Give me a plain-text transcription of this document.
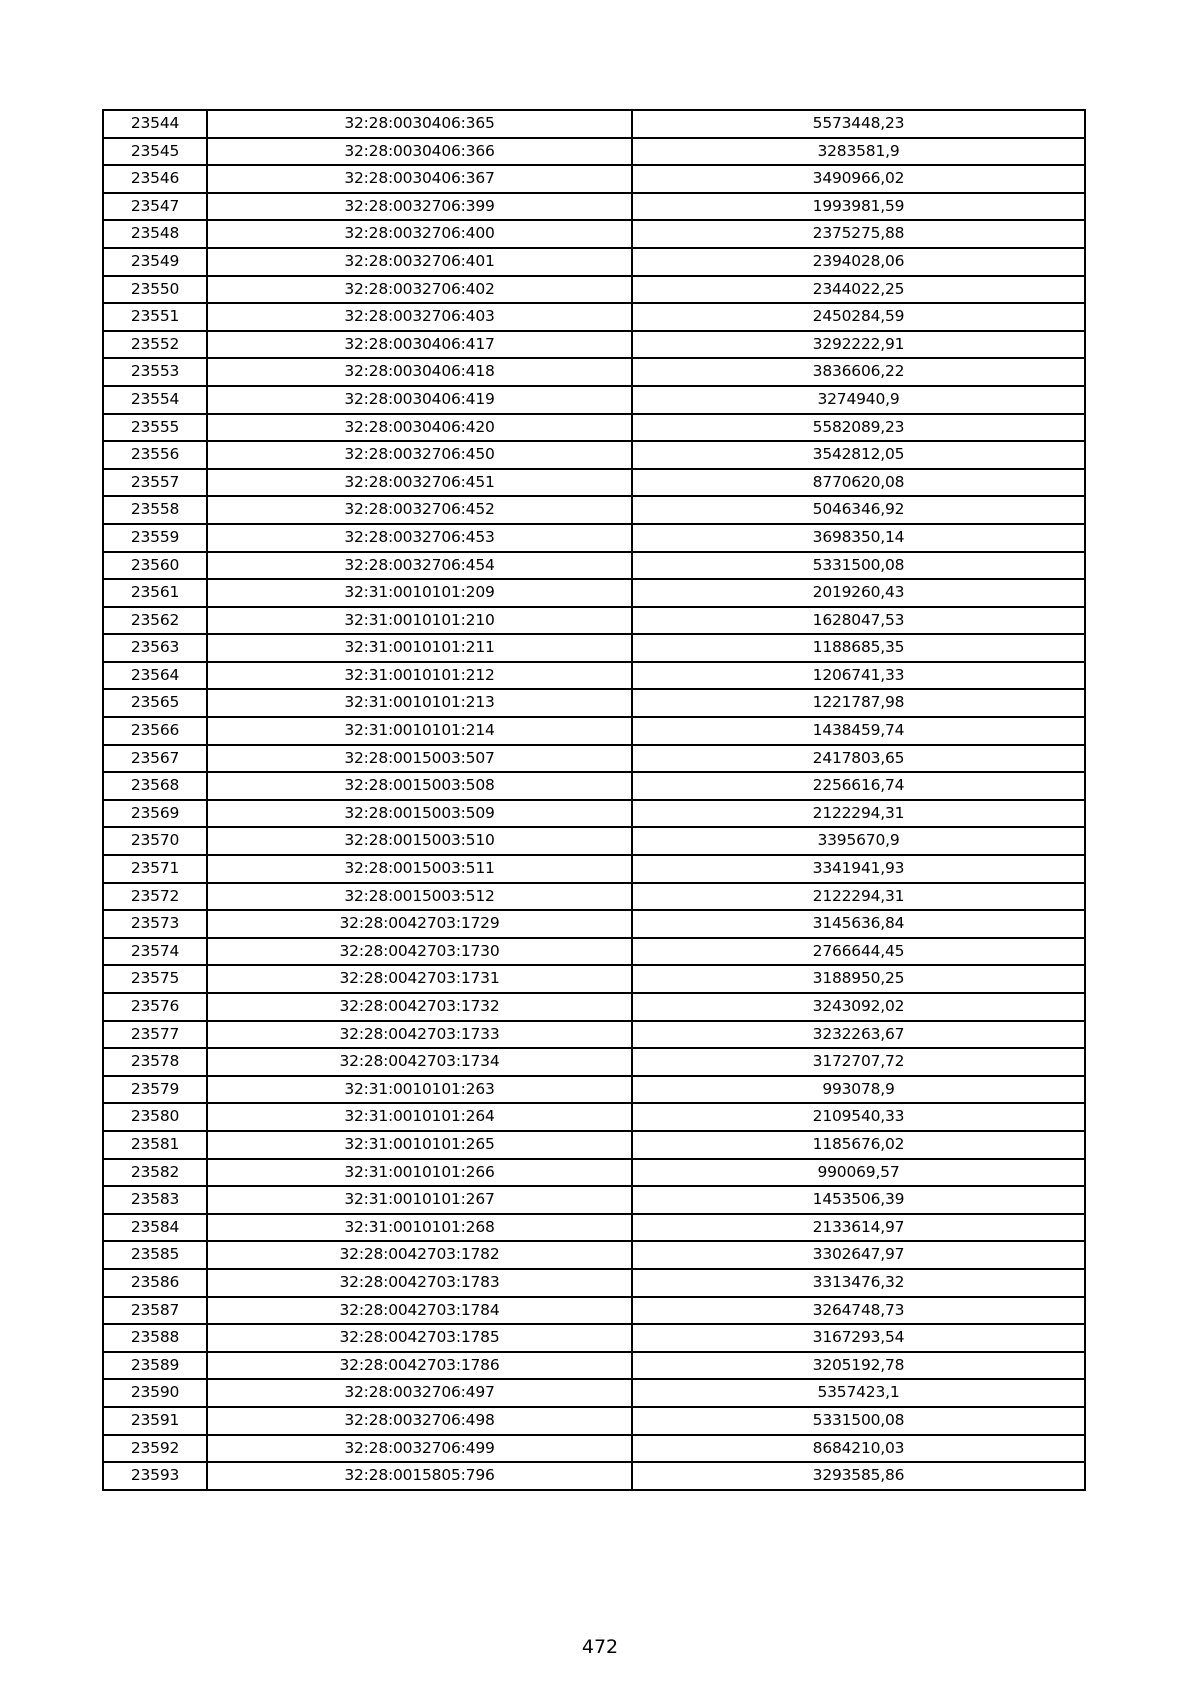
23544	32:28:0030406:365	5573448,23
23545	32:28:0030406:366	3283581,9
23546	32:28:0030406:367	3490966,02
23547	32:28:0032706:399	1993981,59
23548	32:28:0032706:400	2375275,88
23549	32:28:0032706:401	2394028,06
23550	32:28:0032706:402	2344022,25
23551	32:28:0032706:403	2450284,59
23552	32:28:0030406:417	3292222,91
23553	32:28:0030406:418	3836606,22
23554	32:28:0030406:419	3274940,9
23555	32:28:0030406:420	5582089,23
23556	32:28:0032706:450	3542812,05
23557	32:28:0032706:451	8770620,08
23558	32:28:0032706:452	5046346,92
23559	32:28:0032706:453	3698350,14
23560	32:28:0032706:454	5331500,08
23561	32:31:0010101:209	2019260,43
23562	32:31:0010101:210	1628047,53
23563	32:31:0010101:211	1188685,35
23564	32:31:0010101:212	1206741,33
23565	32:31:0010101:213	1221787,98
23566	32:31:0010101:214	1438459,74
23567	32:28:0015003:507	2417803,65
23568	32:28:0015003:508	2256616,74
23569	32:28:0015003:509	2122294,31
23570	32:28:0015003:510	3395670,9
23571	32:28:0015003:511	3341941,93
23572	32:28:0015003:512	2122294,31
23573	32:28:0042703:1729	3145636,84
23574	32:28:0042703:1730	2766644,45
23575	32:28:0042703:1731	3188950,25
23576	32:28:0042703:1732	3243092,02
23577	32:28:0042703:1733	3232263,67
23578	32:28:0042703:1734	3172707,72
23579	32:31:0010101:263	993078,9
23580	32:31:0010101:264	2109540,33
23581	32:31:0010101:265	1185676,02
23582	32:31:0010101:266	990069,57
23583	32:31:0010101:267	1453506,39
23584	32:31:0010101:268	2133614,97
23585	32:28:0042703:1782	3302647,97
23586	32:28:0042703:1783	3313476,32
23587	32:28:0042703:1784	3264748,73
23588	32:28:0042703:1785	3167293,54
23589	32:28:0042703:1786	3205192,78
23590	32:28:0032706:497	5357423,1
23591	32:28:0032706:498	5331500,08
23592	32:28:0032706:499	8684210,03
23593	32:28:0015805:796	3293585,86
472
